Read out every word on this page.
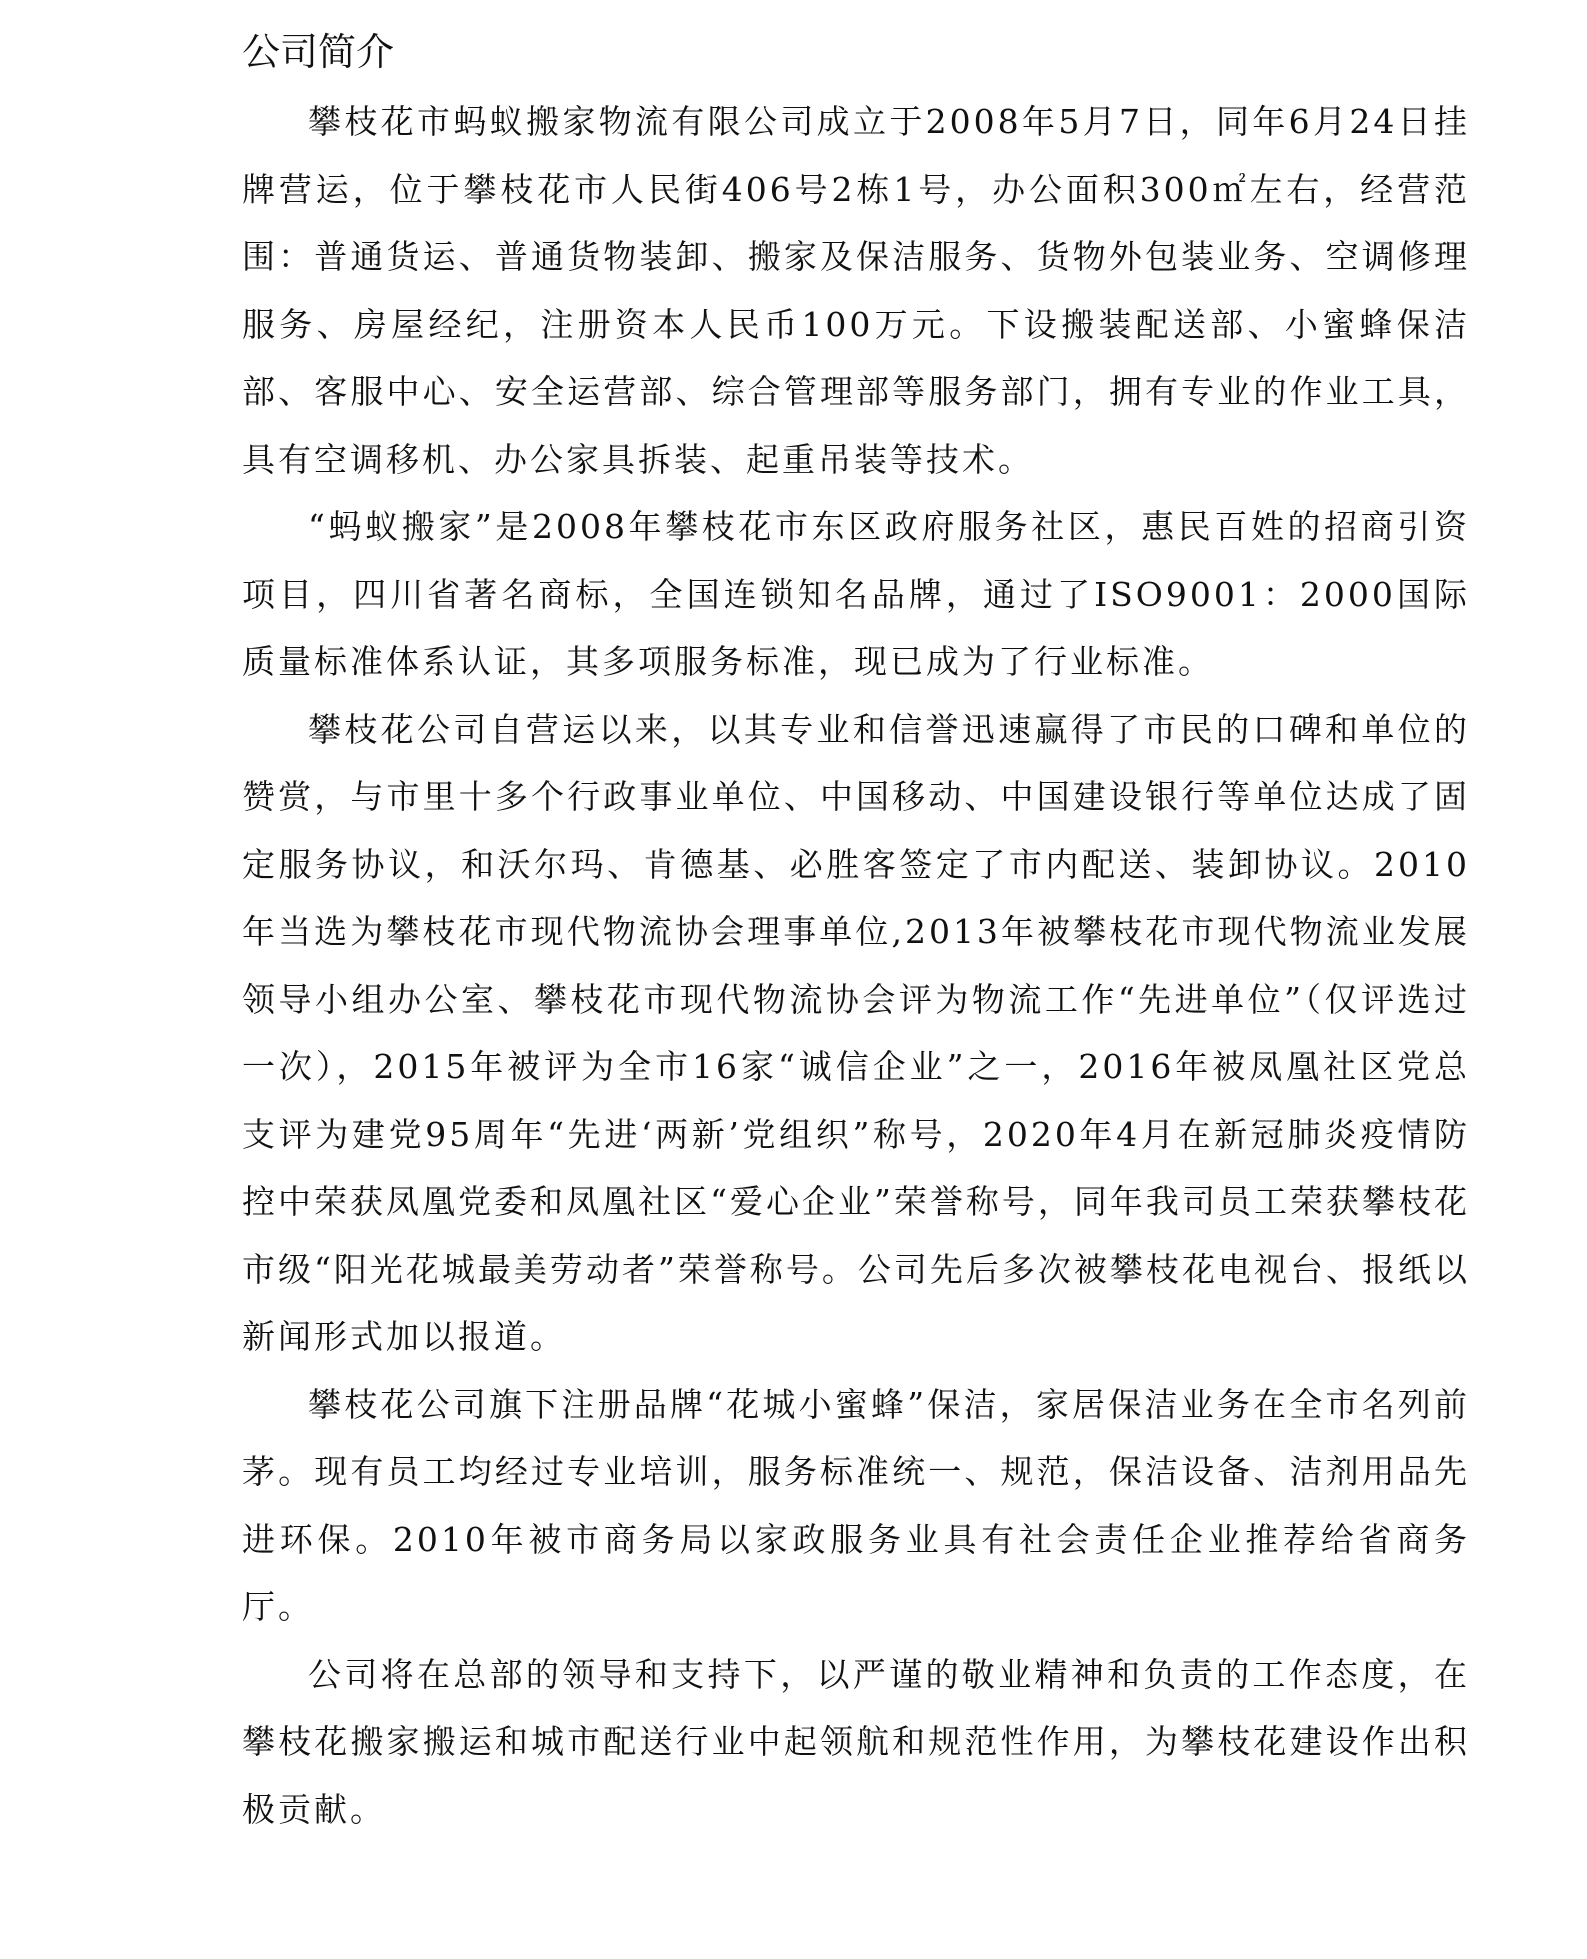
公司简介

攀枝花市蚂蚁搬家物流有限公司成立于2008年5月7日，同年6月24日挂牌营运，位于攀枝花市人民街406号2栋1号，办公面积300㎡左右，经营范围：普通货运、普通货物装卸、搬家及保洁服务、货物外包装业务、空调修理服务、房屋经纪，注册资本人民币100万元。下设搬装配送部、小蜜蜂保洁部、客服中心、安全运营部、综合管理部等服务部门，拥有专业的作业工具，具有空调移机、办公家具拆装、起重吊装等技术。

“蚂蚁搬家”是2008年攀枝花市东区政府服务社区，惠民百姓的招商引资项目，四川省著名商标，全国连锁知名品牌，通过了ISO9001：2000国际质量标准体系认证，其多项服务标准，现已成为了行业标准。

攀枝花公司自营运以来，以其专业和信誉迅速赢得了市民的口碑和单位的赞赏，与市里十多个行政事业单位、中国移动、中国建设银行等单位达成了固定服务协议，和沃尔玛、肯德基、必胜客签定了市内配送、装卸协议。2010年当选为攀枝花市现代物流协会理事单位,2013年被攀枝花市现代物流业发展领导小组办公室、攀枝花市现代物流协会评为物流工作“先进单位”（仅评选过一次），2015年被评为全市16家“诚信企业”之一，2016年被凤凰社区党总支评为建党95周年“先进‘两新’党组织”称号，2020年4月在新冠肺炎疫情防控中荣获凤凰党委和凤凰社区“爱心企业”荣誉称号，同年我司员工荣获攀枝花市级“阳光花城最美劳动者”荣誉称号。公司先后多次被攀枝花电视台、报纸以新闻形式加以报道。

攀枝花公司旗下注册品牌“花城小蜜蜂”保洁，家居保洁业务在全市名列前茅。现有员工均经过专业培训，服务标准统一、规范，保洁设备、洁剂用品先进环保。2010年被市商务局以家政服务业具有社会责任企业推荐给省商务厅。

公司将在总部的领导和支持下，以严谨的敬业精神和负责的工作态度，在攀枝花搬家搬运和城市配送行业中起领航和规范性作用，为攀枝花建设作出积极贡献。
